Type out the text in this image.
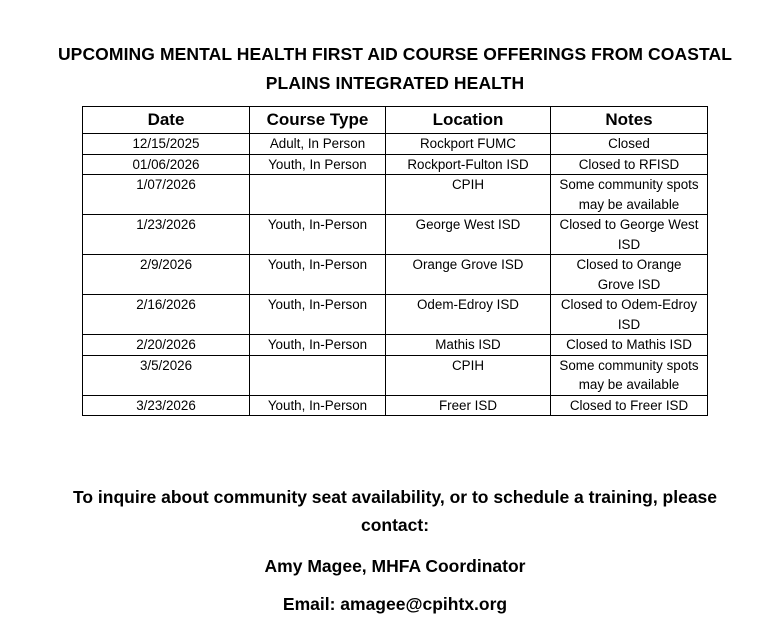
UPCOMING MENTAL HEALTH FIRST AID COURSE OFFERINGS FROM COASTAL PLAINS INTEGRATED HEALTH
Date	Course Type	Location	Notes
12/15/2025	Adult, In Person	Rockport FUMC	Closed
01/06/2026	Youth, In Person	Rockport-Fulton ISD	Closed to RFISD
1/07/2026		CPIH	Some community spots may be available
1/23/2026	Youth, In-Person	George West ISD	Closed to George West ISD
2/9/2026	Youth, In-Person	Orange Grove ISD	Closed to Orange Grove ISD
2/16/2026	Youth, In-Person	Odem-Edroy ISD	Closed to Odem-Edroy ISD
2/20/2026	Youth, In-Person	Mathis ISD	Closed to Mathis ISD
3/5/2026		CPIH	Some community spots may be available
3/23/2026	Youth, In-Person	Freer ISD	Closed to Freer ISD

To inquire about community seat availability, or to schedule a training, please contact:

Amy Magee, MHFA Coordinator

Email: amagee@cpihtx.org
